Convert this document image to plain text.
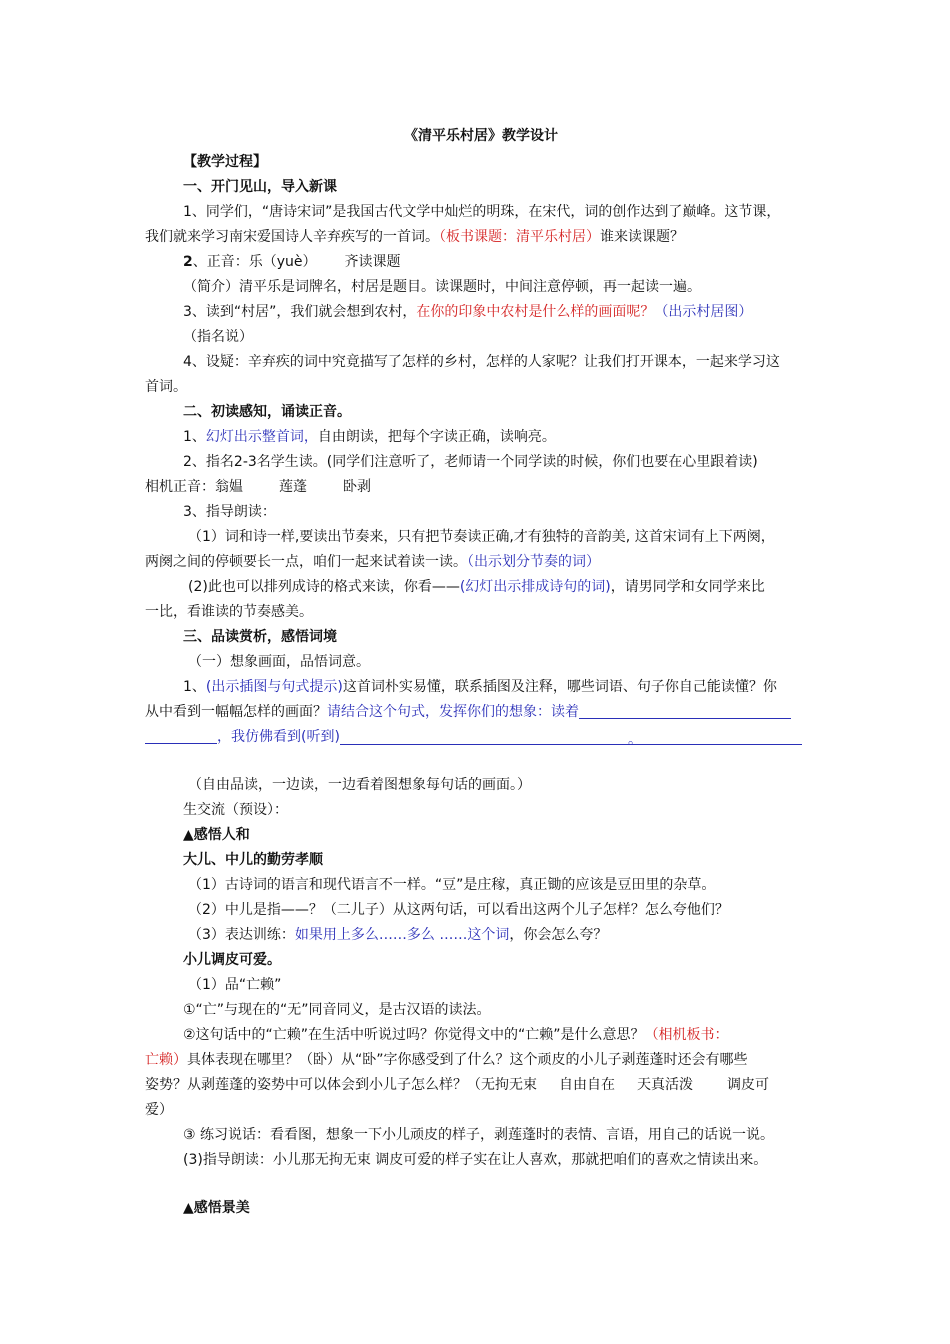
《清平乐村居》教学设计
【教学过程】
一、开门见山，导入新课
1、同学们，“唐诗宋词”是我国古代文学中灿烂的明珠，在宋代，词的创作达到了巅峰。这节课，
我们就来学习南宋爱国诗人辛弃疾写的一首词。（板书课题：清平乐村居）谁来读课题？
2、正音：乐（yuè） 齐读课题
（简介）清平乐是词牌名，村居是题目。读课题时，中间注意停顿，再一起读一遍。
3、读到“村居”，我们就会想到农村，在你的印象中农村是什么样的画面呢？（出示村居图）
（指名说）
4、设疑：辛弃疾的词中究竟描写了怎样的乡村，怎样的人家呢？让我们打开课本，一起来学习这
首词。
二、初读感知，诵读正音。
1、幻灯出示整首词，自由朗读，把每个字读正确，读响亮。
2、指名2-3名学生读。(同学们注意听了，老师请一个同学读的时候，你们也要在心里跟着读)
相机正音：翁媪	莲蓬	卧剥
3、指导朗读：
（1）词和诗一样,要读出节奏来，只有把节奏读正确,才有独特的音韵美, 这首宋词有上下两阕，
两阕之间的停顿要长一点，咱们一起来试着读一读。（出示划分节奏的词）
(2)此也可以排列成诗的格式来读，你看——(幻灯出示排成诗句的词)，请男同学和女同学来比
一比，看谁读的节奏感美。
三、品读赏析，感悟词境
（一）想象画面，品悟词意。
1、(出示插图与句式提示)这首词朴实易懂，联系插图及注释，哪些词语、句子你自己能读懂？你
从中看到一幅幅怎样的画面？请结合这个句式，发挥你们的想象：读着
，我仿佛看到(听到)	。
（自由品读，一边读，一边看着图想象每句话的画面。）
生交流（预设）：
▲感悟人和
大儿、中儿的勤劳孝顺
（1）古诗词的语言和现代语言不一样。“豆”是庄稼，真正锄的应该是豆田里的杂草。
（2）中儿是指——？（二儿子）从这两句话，可以看出这两个儿子怎样？怎么夸他们？
（3）表达训练：如果用上多么……多么 ……这个词，你会怎么夸？
小儿调皮可爱。
（1）品“亡赖”
①“亡”与现在的“无”同音同义，是古汉语的读法。
②这句话中的“亡赖”在生活中听说过吗？你觉得文中的“亡赖”是什么意思？（相机板书：
亡赖）具体表现在哪里？（卧）从“卧”字你感受到了什么？这个顽皮的小儿子剥莲蓬时还会有哪些
姿势？从剥莲蓬的姿势中可以体会到小儿子怎么样？（无拘无束 自由自在 天真活泼 调皮可
爱）
③ 练习说话：看看图，想象一下小儿顽皮的样子，剥莲蓬时的表情、言语，用自己的话说一说。
(3)指导朗读：小儿那无拘无束 调皮可爱的样子实在让人喜欢，那就把咱们的喜欢之情读出来。
▲感悟景美
